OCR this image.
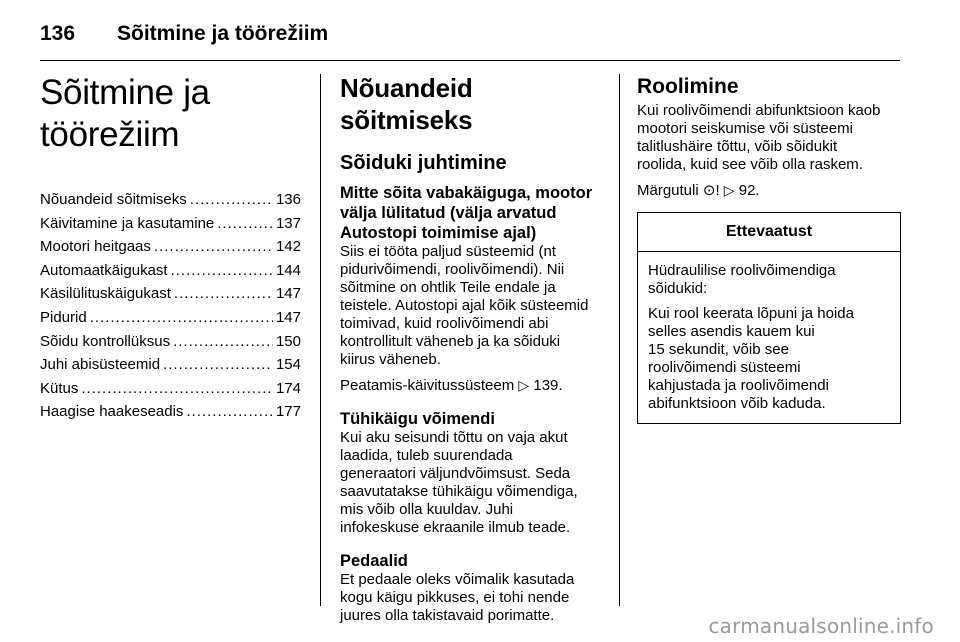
136 Sõitmine ja töörežiim
Sõitmine ja töörežiim
Nõuandeid sõitmiseks .....	136
Käivitamine ja kasutamine .....	137
Mootori heitgaas .....	142
Automaatkäigukast .....	144
Käsilülituskäigukast .....	147
Pidurid .....	147
Sõidu kontrollüksus .....	150
Juhi abisüsteemid .....	154
Kütus .....	174
Haagise haakeseadis .....	177
Nõuandeid sõitmiseks
Sõiduki juhtimine
Mitte sõita vabakäiguga, mootor
välja lülitatud (välja arvatud
Autostopi toimimise ajal)

Siis ei tööta paljud süsteemid (nt
pidurivõimendi, roolivõimendi). Nii
sõitmine on ohtlik Teile endale ja
teistele. Autostopi ajal kõik süsteemid
toimivad, kuid roolivõimendi abi
kontrollitult väheneb ja ka sõiduki
kiirus väheneb.

Peatamis-käivitussüsteem ▷ 139.

Tühikäigu võimendi

Kui aku seisundi tõttu on vaja akut
laadida, tuleb suurendada
generaatori väljundvõimsust. Seda
saavutatakse tühikäigu võimendiga,
mis võib olla kuuldav. Juhi
infokeskuse ekraanile ilmub teade.

Pedaalid

Et pedaale oleks võimalik kasutada
kogu käigu pikkuses, ei tohi nende
juures olla takistavaid porimatte.

Roolimine

Kui roolivõimendi abifunktsioon kaob
mootori seiskumise või süsteemi
talitlushäire tõttu, võib sõidukit
roolida, kuid see võib olla raskem.

Märgutuli ⊙! ▷ 92.

Ettevaatust

Hüdraulilise roolivõimendiga
sõidukid:

Kui rool keerata lõpuni ja hoida
selles asendis kauem kui
15 sekundit, võib see
roolivõimendi süsteemi
kahjustada ja roolivõimendi
abifunktsioon võib kaduda.

carmanualsonline.info
